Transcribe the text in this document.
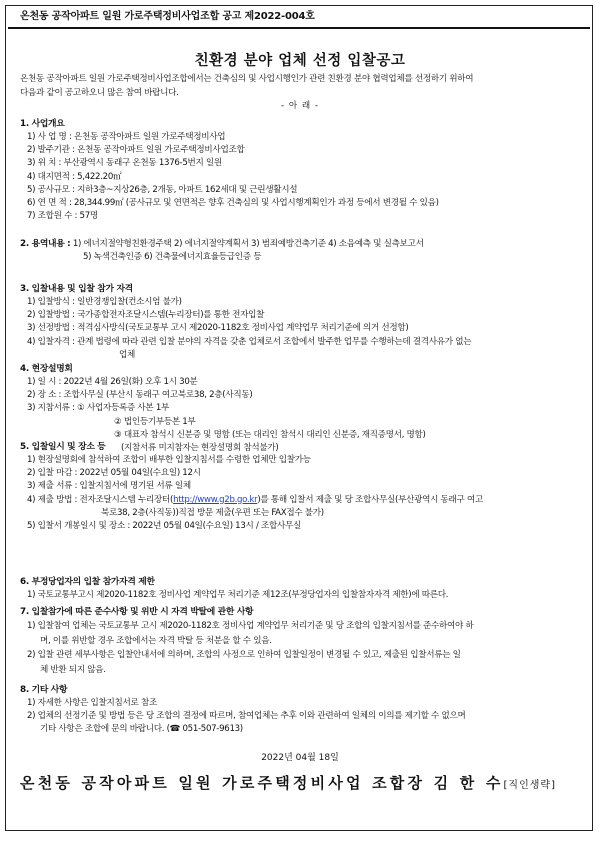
온천동 공작아파트 일원 가로주택정비사업조합 공고 제2022-004호
친환경 분야 업체 선정 입찰공고
온천동 공작아파트 일원 가로주택정비사업조합에서는 건축심의 및 사업시행인가 관련 친환경 분야 협력업체를 선정하기 위하여
다음과 같이 공고하오니 많은 참여 바랍니다.
- 아 래 -
1. 사업개요
1) 사 업 명 : 온천동 공작아파트 일원 가로주택정비사업
2) 발주기관 : 온천동 공작아파트 일원 가로주택정비사업조합
3) 위 치 : 부산광역시 동래구 온천동 1376-5번지 일원
4) 대지면적 : 5,422.20㎡
5) 공사규모 : 지하3층~지상26층, 2개동, 아파트 162세대 및 근린생활시설
6) 연 면 적 : 28,344.99㎡ (공사규모 및 연면적은 향후 건축심의 및 사업시행계획인가 과정 등에서 변경될 수 있음)
7) 조합원 수 : 57명
2. 용역내용 : 1) 에너지절약형친환경주택 2) 에너지절약계획서 3) 범죄예방건축기준 4) 소음예측 및 실측보고서
5) 녹색건축인증 6) 건축물에너지효율등급인증 등
3. 입찰내용 및 입찰 참가 자격
1) 입찰방식 : 일반경쟁입찰(컨소시엄 불가)
2) 입찰방법 : 국가종합전자조달시스템(누리장터)를 통한 전자입찰
3) 선정방법 : 적격심사방식(국토교통부 고시 제2020-1182호 정비사업 계약업무 처리기준에 의거 선정함)
4) 입찰자격 : 관계 법령에 따라 관련 입찰 분야의 자격을 갖춘 업체로서 조합에서 발주한 업무를 수행하는데 결격사유가 없는
업체
4. 현장설명회
1) 일 시 : 2022년 4월 26일(화) 오후 1시 30분
2) 장 소 : 조합사무실 (부산시 동래구 여고북로38, 2층(사직동)
3) 지참서류 : ① 사업자등록증 사본 1부
② 법인등기부등본 1부
③ 대표자 참석시 신분증 및 명함 (또는 대리인 참석시 대리인 신분증, 재직증명서, 명함)
(지참서류 미지참자는 현장설명회 참석불가)
5. 입찰일시 및 장소 등
1) 현장설명회에 참석하여 조합이 배부한 입찰지침서를 수령한 업체만 입찰가능
2) 입찰 마감 : 2022년 05월 04일(수요일) 12시
3) 제출 서류 : 입찰지침서에 명기된 서류 일체
4) 제출 방법 : 전자조달시스템 누리장터(http://www.g2b.go.kr)를 통해 입찰서 제출 및 당 조합사무실(부산광역시 동래구 여고
북로38, 2층(사직동))직접 방문 제출(우편 또는 FAX접수 불가)
5) 입찰서 개봉일시 및 장소 : 2022년 05월 04일(수요일) 13시 / 조합사무실
6. 부정당업자의 입찰 참가자격 제한
1) 국토교통부고시 제2020-1182호 정비사업 계약업무 처리기준 제12조(부정당업자의 입찰참자자격 제한)에 따른다.
7. 입찰참가에 따른 준수사항 및 위반 시 자격 박탈에 관한 사항
1) 입찰참여 업체는 국토교통부 고시 제2020-1182호 정비사업 계약업무 처리기준 및 당 조합의 입찰지침서를 준수하여야 하
며, 이를 위반할 경우 조합에서는 자격 박탈 등 처분을 할 수 있음.
2) 입찰 관련 세부사항은 입찰안내서에 의하며, 조합의 사정으로 인하여 입찰일정이 변경될 수 있고, 제출된 입찰서류는 일
체 반환 되지 않음.
8. 기타 사항
1) 자세한 사항은 입찰지침서로 참조
2) 업체의 선정기준 및 방법 등은 당 조합의 결정에 따르며, 참여업체는 추후 이와 관련하여 일체의 이의를 제기할 수 없으며
기타 사항은 조합에 문의 바랍니다. (☎ 051-507-9613)
2022년 04월 18일
온천동 공작아파트 일원 가로주택정비사업 조합장 김 한 수[직인생략]
